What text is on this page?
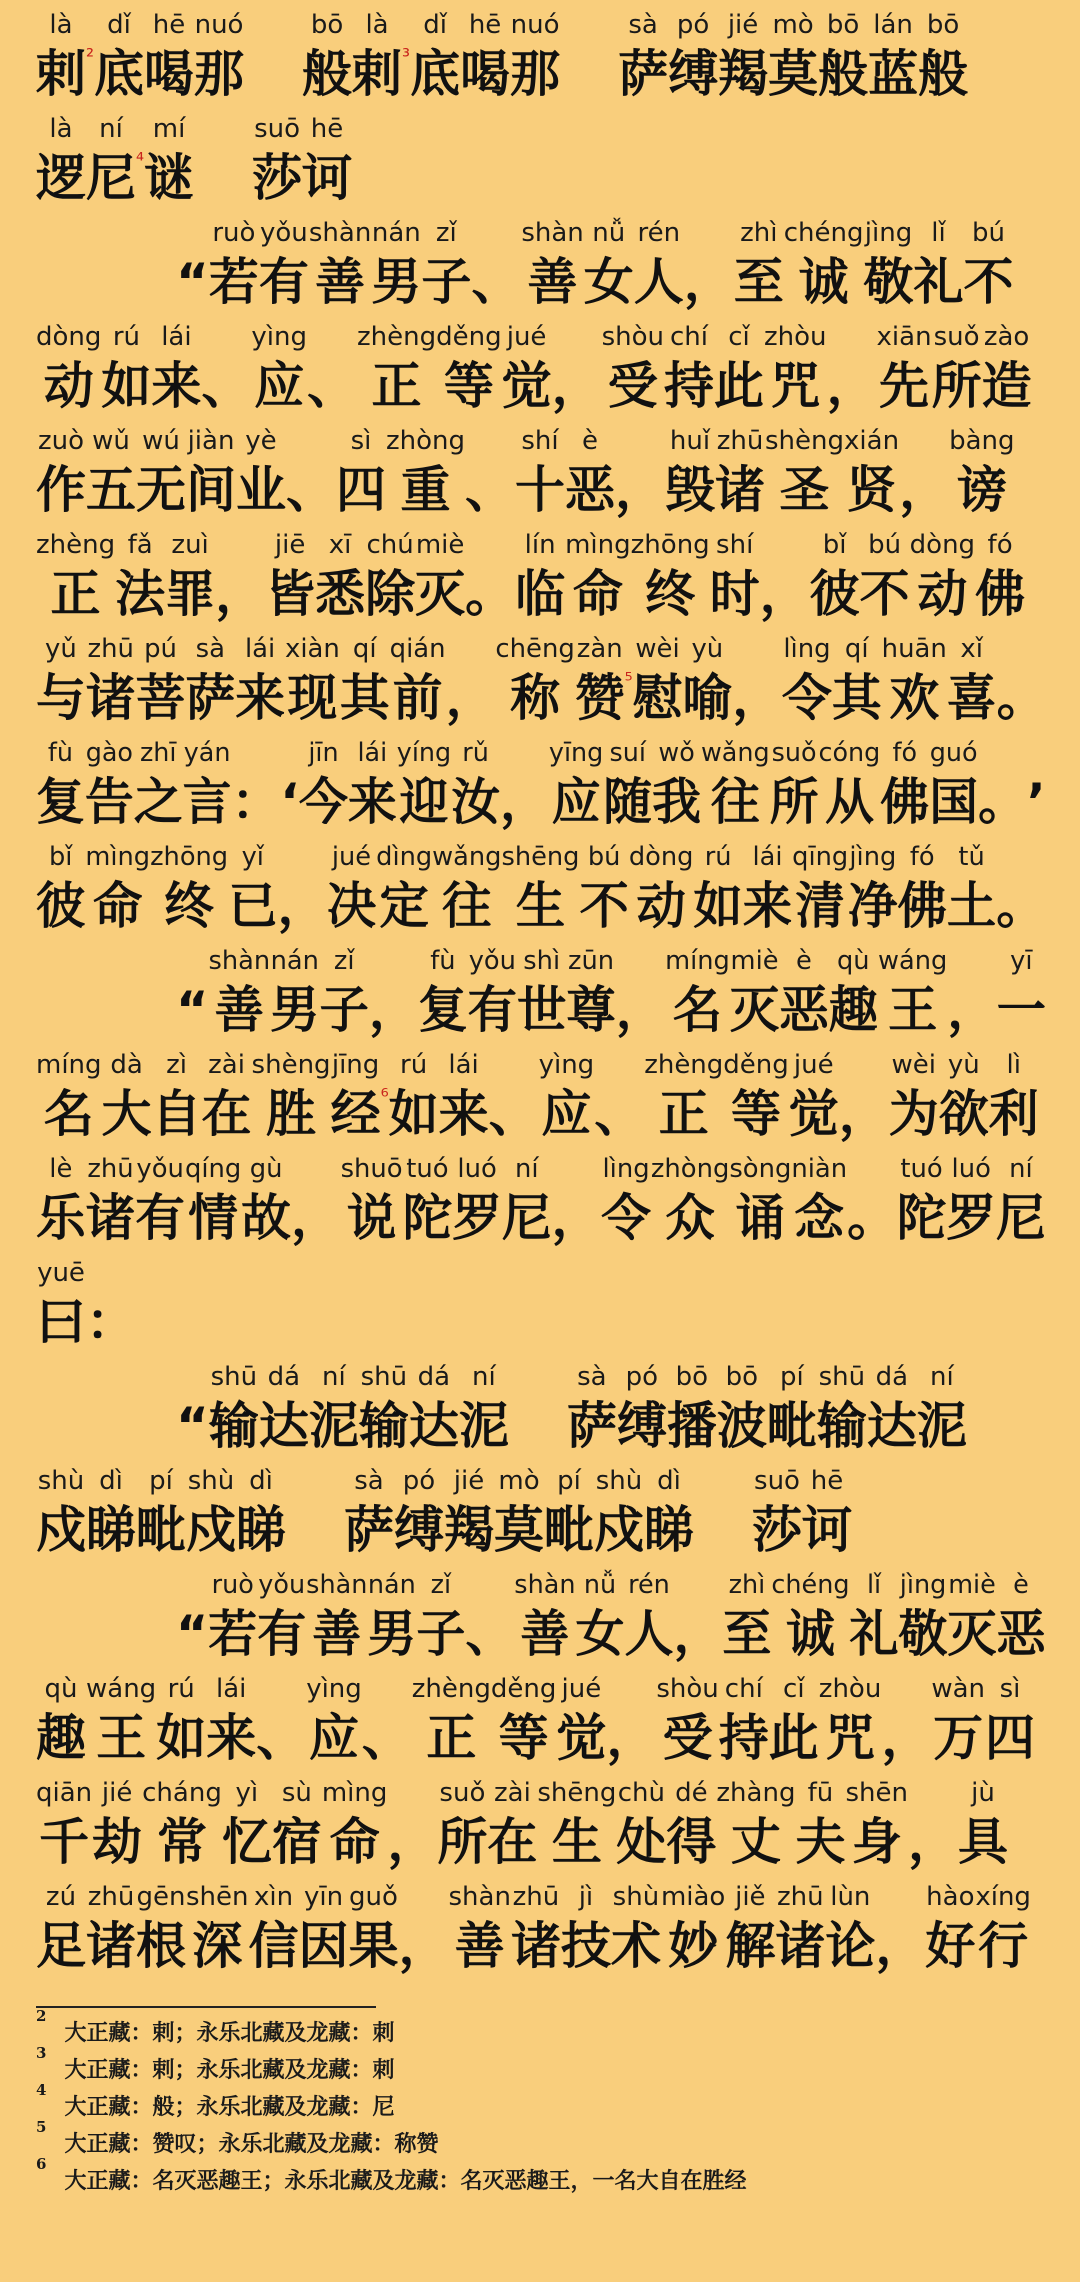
là
剌 ²
dǐ
底
hē
喝
nuó
那
bō
般
là
剌 ³
dǐ
底
hē
喝
nuó
那
sà
萨
pó
缚
jié
羯
mò
莫
bō
般
lán
蓝
bō
般
là
逻
ní
尼 ⁴
mí
谜
suō
莎
hē
诃
“
ruò
若
yǒu
有
shàn
善
nán
男
zǐ
子 、
shàn
善
nǚ
女
rén
人 ，
zhì
至
chéng
诚
jìng
敬
lǐ
礼
bú
不
dòng
动
rú
如
lái
来 、
yìng
应 、
zhèng
正
děng
等
jué
觉 ，
shòu
受
chí
持
cǐ
此
zhòu
咒 ，
xiān
先
suǒ
所
zào
造
zuò
作
wǔ
五
wú
无
jiàn
间
yè
业 、
sì
四
zhòng
重 、
shí
十
è
恶 ，
huǐ
毁
zhū
诸
shèng
圣
xián
贤 ，
bàng
谤
zhèng
正
fǎ
法
zuì
罪 ，
jiē
皆
xī
悉
chú
除
miè
灭 。
lín
临
mìng
命
zhōng
终
shí
时 ，
bǐ
彼
bú
不
dòng
动
fó
佛
yǔ
与
zhū
诸
pú
菩
sà
萨
lái
来
xiàn
现
qí
其
qián
前 ，
chēng
称
zàn
赞 ⁵
wèi
慰
yù
喻 ，
lìng
令
qí
其
huān
欢
xǐ
喜 。
fù
复
gào
告
zhī
之
yán
言 ： ‘
jīn
今
lái
来
yíng
迎
rǔ
汝 ，
yīng
应
suí
随
wǒ
我
wǎng
往
suǒ
所
cóng
从
fó
佛
guó
国 。 ’
bǐ
彼
mìng
命
zhōng
终
yǐ
已 ，
jué
决
dìng
定
wǎng
往
shēng
生
bú
不
dòng
动
rú
如
lái
来
qīng
清
jìng
净
fó
佛
tǔ
土 。
“
shàn
善
nán
男
zǐ
子 ，
fù
复
yǒu
有
shì
世
zūn
尊 ，
míng
名
miè
灭
è
恶
qù
趣
wáng
王 ，
yī
一
míng
名
dà
大
zì
自
zài
在
shèng
胜
jīng
经 ⁶
rú
如
lái
来 、
yìng
应 、
zhèng
正
děng
等
jué
觉 ，
wèi
为
yù
欲
lì
利
lè
乐
zhū
诸
yǒu
有
qíng
情
gù
故 ，
shuō
说
tuó
陀
luó
罗
ní
尼 ，
lìng
令
zhòng
众
sòng
诵
niàn
念 。
tuó
陀
luó
罗
ní
尼
yuē
曰 ：
“
shū
输
dá
达
ní
泥
shū
输
dá
达
ní
泥
sà
萨
pó
缚
bō
播
bō
波
pí
毗
shū
输
dá
达
ní
泥
shù
戍
dì
睇
pí
毗
shù
戍
dì
睇
sà
萨
pó
缚
jié
羯
mò
莫
pí
毗
shù
戍
dì
睇
suō
莎
hē
诃
“
ruò
若
yǒu
有
shàn
善
nán
男
zǐ
子 、
shàn
善
nǚ
女
rén
人 ，
zhì
至
chéng
诚
lǐ
礼
jìng
敬
miè
灭
è
恶
qù
趣
wáng
王
rú
如
lái
来 、
yìng
应 、
zhèng
正
děng
等
jué
觉 ，
shòu
受
chí
持
cǐ
此
zhòu
咒 ，
wàn
万
sì
四
qiān
千
jié
劫
cháng
常
yì
忆
sù
宿
mìng
命 ，
suǒ
所
zài
在
shēng
生
chù
处
dé
得
zhàng
丈
fū
夫
shēn
身 ，
jù
具
zú
足
zhū
诸
gēn
根
shēn
深
xìn
信
yīn
因
guǒ
果 ，
shàn
善
zhū
诸
jì
技
shù
术
miào
妙
jiě
解
zhū
诸
lùn
论 ，
hào
好
xíng
行
$^2$大正藏：剌；永乐北藏及龙藏：刺
$^3$大正藏：剌；永乐北藏及龙藏：刺
$^4$大正藏：般；永乐北藏及龙藏：尼
$^5$大正藏：赞叹；永乐北藏及龙藏：称赞
$^6$大正藏：名灭恶趣王；永乐北藏及龙藏：名灭恶趣王，一名大自在胜经
